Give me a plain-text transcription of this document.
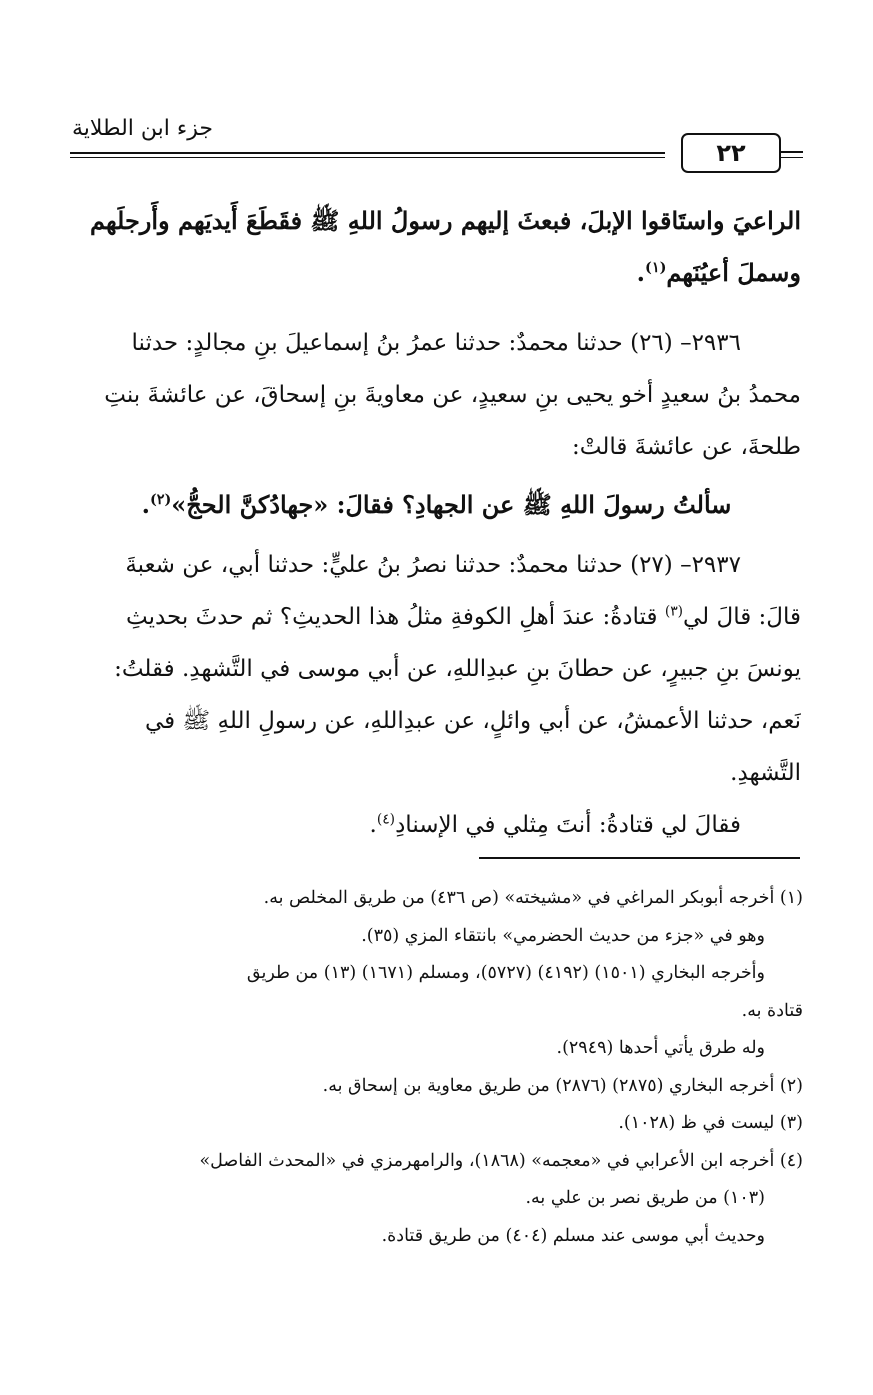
جزء ابن الطلاية
٢٢

الراعيَ واستَاقوا الإبلَ، فبعثَ إليهم رسولُ اللهِ ﷺ فقَطَعَ أَيديَهم وأَرجلَهم

وسملَ أعيُنَهم$^{(١)}$.

٢٩٣٦– (٢٦) حدثنا محمدٌ: حدثنا عمرُ بنُ إسماعيلَ بنِ مجالدٍ: حدثنا

محمدُ بنُ سعيدٍ أخو يحيى بنِ سعيدٍ، عن معاويةَ بنِ إسحاقَ، عن عائشةَ بنتِ

طلحةَ، عن عائشةَ قالتْ:

سألتُ رسولَ اللهِ ﷺ عن الجهادِ؟ فقالَ: «جهادُكنَّ الحجُّ»$^{(٢)}$.

٢٩٣٧– (٢٧) حدثنا محمدٌ: حدثنا نصرُ بنُ عليٍّ: حدثنا أبي، عن شعبةَ

قالَ: قالَ لي$^{(٣)}$ قتادةُ: عندَ أهلِ الكوفةِ مثلُ هذا الحديثِ؟ ثم حدثَ بحديثِ

يونسَ بنِ جبيرٍ، عن حطانَ بنِ عبدِاللهِ، عن أبي موسى في التَّشهدِ. فقلتُ:

نَعم، حدثنا الأعمشُ، عن أبي وائلٍ، عن عبدِاللهِ، عن رسولِ اللهِ ﷺ في

التَّشهدِ.

فقالَ لي قتادةُ: أنتَ مِثلي في الإسنادِ$^{(٤)}$.

(١) أخرجه أبوبكر المراغي في «مشيخته» (ص ٤٣٦) من طريق المخلص به.

وهو في «جزء من حديث الحضرمي» بانتقاء المزي (٣٥).

وأخرجه البخاري (١٥٠١) (٤١٩٢) (٥٧٢٧)، ومسلم (١٦٧١) (١٣) من طريق

قتادة به.

وله طرق يأتي أحدها (٢٩٤٩).

(٢) أخرجه البخاري (٢٨٧٥) (٢٨٧٦) من طريق معاوية بن إسحاق به.

(٣) ليست في ظ (١٠٢٨).

(٤) أخرجه ابن الأعرابي في «معجمه» (١٨٦٨)، والرامهرمزي في «المحدث الفاصل»

(١٠٣) من طريق نصر بن علي به.

وحديث أبي موسى عند مسلم (٤٠٤) من طريق قتادة.
